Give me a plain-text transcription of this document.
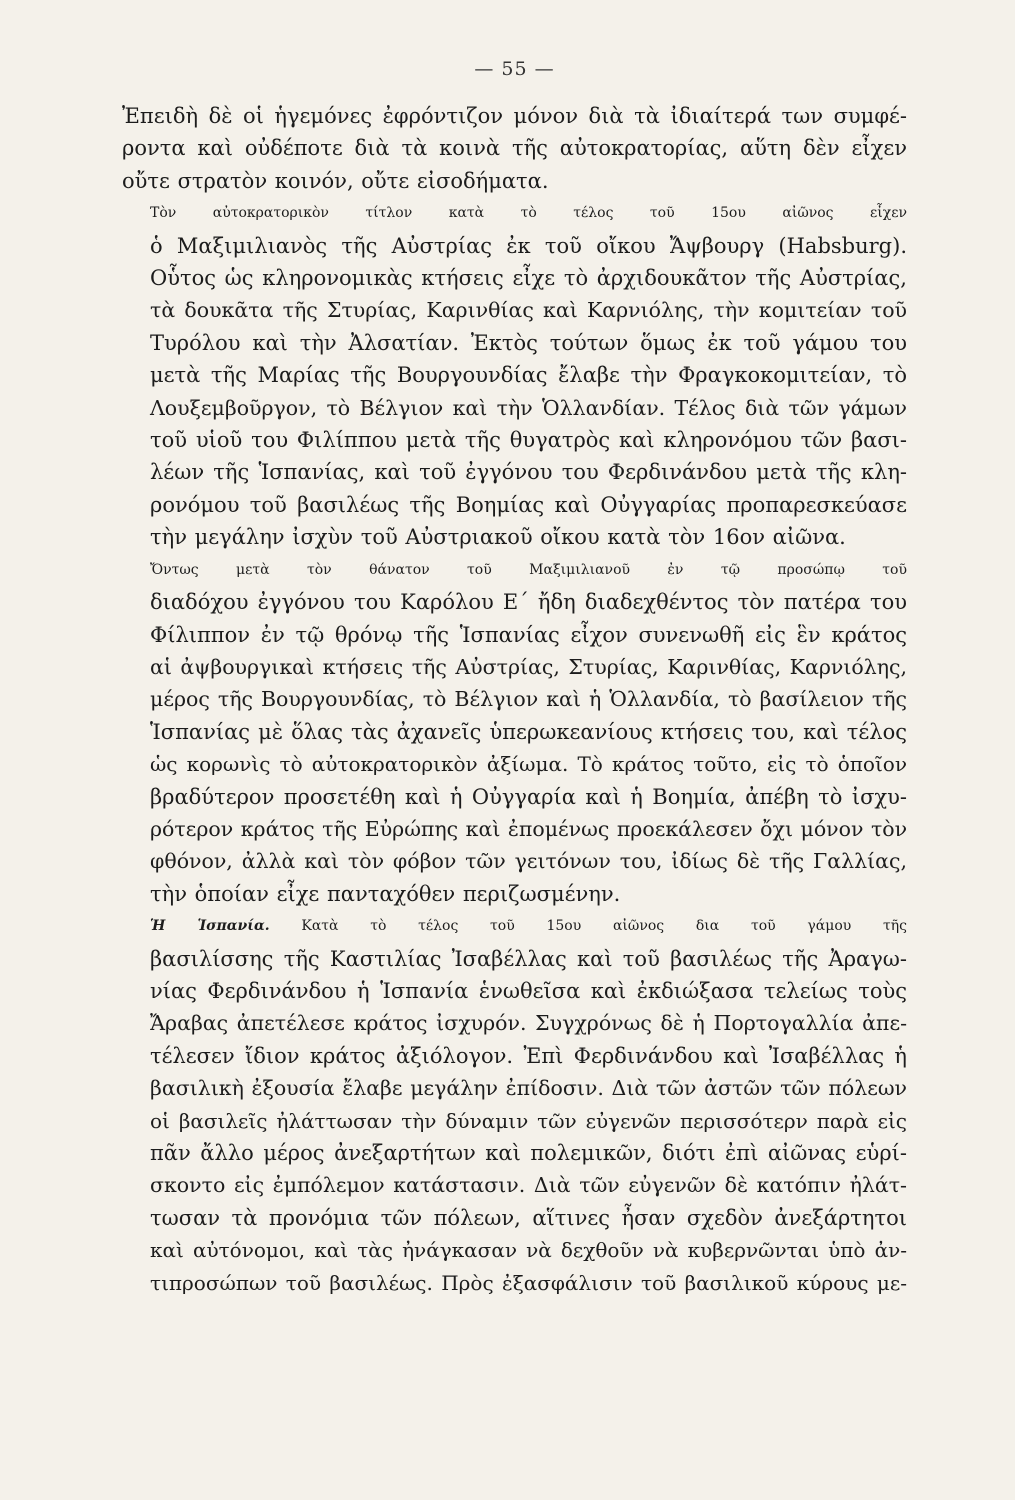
— 55 —

Ἐπειδὴ δὲ οἱ ἡγεμόνες ἐφρόντιζον μόνον διὰ τὰ ἰδιαίτερά των συμφέ-
ροντα καὶ οὐδέποτε διὰ τὰ κοινὰ τῆς αὐτοκρατορίας, αὕτη δὲν εἶχεν
οὔτε στρατὸν κοινόν, οὔτε εἰσοδήματα.

Τὸν αὐτοκρατορικὸν τίτλον κατὰ τὸ τέλος τοῦ 15ου αἰῶνος εἶχεν
ὁ Μαξιμιλιανὸς τῆς Αὐστρίας ἐκ τοῦ οἴκου Ἄψβουργ (Habsburg).
Οὗτος ὡς κληρονομικὰς κτήσεις εἶχε τὸ ἀρχιδουκᾶτον τῆς Αὐστρίας,
τὰ δουκᾶτα τῆς Στυρίας, Καρινθίας καὶ Καρνιόλης, τὴν κομιτείαν τοῦ
Τυρόλου καὶ τὴν Ἀλσατίαν. Ἐκτὸς τούτων ὅμως ἐκ τοῦ γάμου του
μετὰ τῆς Μαρίας τῆς Βουργουνδίας ἔλαβε τὴν Φραγκοκομιτείαν, τὸ
Λουξεμβοῦργον, τὸ Βέλγιον καὶ τὴν Ὁλλανδίαν. Τέλος διὰ τῶν γάμων
τοῦ υἱοῦ του Φιλίππου μετὰ τῆς θυγατρὸς καὶ κληρονόμου τῶν βασι-
λέων τῆς Ἱσπανίας, καὶ τοῦ ἐγγόνου του Φερδινάνδου μετὰ τῆς κλη-
ρονόμου τοῦ βασιλέως τῆς Βοημίας καὶ Οὐγγαρίας προπαρεσκεύασε
τὴν μεγάλην ἰσχὺν τοῦ Αὐστριακοῦ οἴκου κατὰ τὸν 16ον αἰῶνα.

Ὄντως μετὰ τὸν θάνατον τοῦ Μαξιμιλιανοῦ ἐν τῷ προσώπῳ τοῦ
διαδόχου ἐγγόνου του Καρόλου Ε΄ ἤδη διαδεχθέντος τὸν πατέρα του
Φίλιππον ἐν τῷ θρόνῳ τῆς Ἱσπανίας εἶχον συνενωθῆ εἰς ἓν κράτος
αἱ ἀψβουργικαὶ κτήσεις τῆς Αὐστρίας, Στυρίας, Καρινθίας, Καρνιόλης,
μέρος τῆς Βουργουνδίας, τὸ Βέλγιον καὶ ἡ Ὁλλανδία, τὸ βασίλειον τῆς
Ἱσπανίας μὲ ὅλας τὰς ἀχανεῖς ὑπερωκεανίους κτήσεις του, καὶ τέλος
ὡς κορωνὶς τὸ αὐτοκρατορικὸν ἀξίωμα. Τὸ κράτος τοῦτο, εἰς τὸ ὁποῖον
βραδύτερον προσετέθη καὶ ἡ Οὐγγαρία καὶ ἡ Βοημία, ἀπέβη τὸ ἰσχυ-
ρότερον κράτος τῆς Εὐρώπης καὶ ἐπομένως προεκάλεσεν ὄχι μόνον τὸν
φθόνον, ἀλλὰ καὶ τὸν φόβον τῶν γειτόνων του, ἰδίως δὲ τῆς Γαλλίας,
τὴν ὁποίαν εἶχε πανταχόθεν περιζωσμένην.

Ἡ Ἱσπανία. Κατὰ τὸ τέλος τοῦ 15ου αἰῶνος δια τοῦ γάμου τῆς
βασιλίσσης τῆς Καστιλίας Ἰσαβέλλας καὶ τοῦ βασιλέως τῆς Ἀραγω-
νίας Φερδινάνδου ἡ Ἱσπανία ἑνωθεῖσα καὶ ἐκδιώξασα τελείως τοὺς
Ἄραβας ἀπετέλεσε κράτος ἰσχυρόν. Συγχρόνως δὲ ἡ Πορτογαλλία ἀπε-
τέλεσεν ἴδιον κράτος ἀξιόλογον. Ἐπὶ Φερδινάνδου καὶ Ἰσαβέλλας ἡ
βασιλικὴ ἐξουσία ἔλαβε μεγάλην ἐπίδοσιν. Διὰ τῶν ἀστῶν τῶν πόλεων
οἱ βασιλεῖς ἠλάττωσαν τὴν δύναμιν τῶν εὐγενῶν περισσότερν παρὰ εἰς
πᾶν ἄλλο μέρος ἀνεξαρτήτων καὶ πολεμικῶν, διότι ἐπὶ αἰῶνας εὑρί-
σκοντο εἰς ἐμπόλεμον κατάστασιν. Διὰ τῶν εὐγενῶν δὲ κατόπιν ἠλάτ-
τωσαν τὰ προνόμια τῶν πόλεων, αἵτινες ἦσαν σχεδὸν ἀνεξάρτητοι
καὶ αὐτόνομοι, καὶ τὰς ἠνάγκασαν νὰ δεχθοῦν νὰ κυβερνῶνται ὑπὸ ἀν-
τιπροσώπων τοῦ βασιλέως. Πρὸς ἐξασφάλισιν τοῦ βασιλικοῦ κύρους με-
